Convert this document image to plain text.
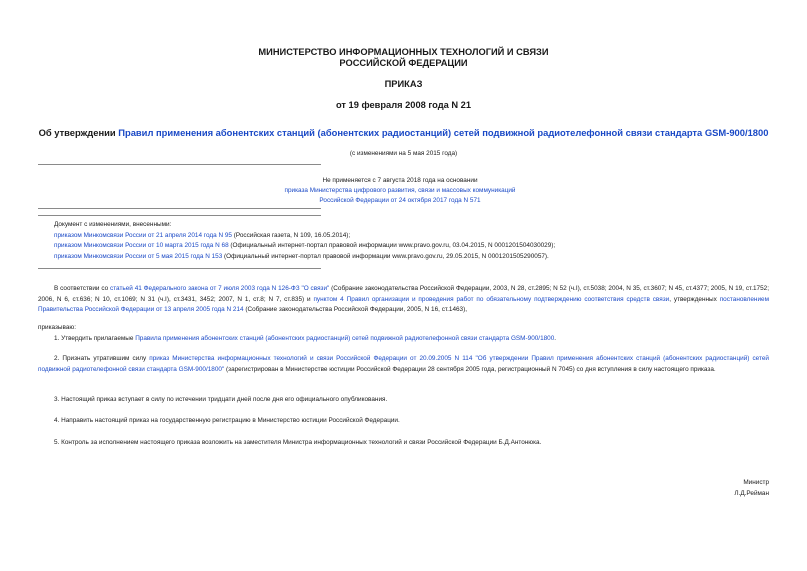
МИНИСТЕРСТВО ИНФОРМАЦИОННЫХ ТЕХНОЛОГИЙ И СВЯЗИ
РОССИЙСКОЙ ФЕДЕРАЦИИ
ПРИКАЗ
от 19 февраля 2008 года N 21
Об утверждении Правил применения абонентских станций (абонентских радиостанций) сетей подвижной радиотелефонной связи стандарта GSM-900/1800
(с изменениями на 5 мая 2015 года)
Не применяется с 7 августа 2018 года на основании
приказа Министерства цифрового развития, связи и массовых коммуникаций
Российской Федерации от 24 октября 2017 года N 571
Документ с изменениями, внесенными:
приказом Минкомсвязи России от 21 апреля 2014 года N 95 (Российская газета, N 109, 16.05.2014);
приказом Минкомсвязи России от 10 марта 2015 года N 68 (Официальный интернет-портал правовой информации www.pravo.gov.ru, 03.04.2015, N 0001201504030029);
приказом Минкомсвязи России от 5 мая 2015 года N 153 (Официальный интернет-портал правовой информации www.pravo.gov.ru, 29.05.2015, N 0001201505290057).
В соответствии со статьей 41 Федерального закона от 7 июля 2003 года N 126-ФЗ "О связи" (Собрание законодательства Российской Федерации, 2003, N 28, ст.2895; N 52 (ч.I), ст.5038; 2004, N 35, ст.3607; N 45, ст.4377; 2005, N 19, ст.1752; 2006, N 6, ст.636; N 10, ст.1069; N 31 (ч.I), ст.3431, 3452; 2007, N 1, ст.8; N 7, ст.835) и пунктом 4 Правил организации и проведения работ по обязательному подтверждению соответствия средств связи, утвержденных постановлением Правительства Российской Федерации от 13 апреля 2005 года N 214 (Собрание законодательства Российской Федерации, 2005, N 16, ст.1463),
приказываю:
1. Утвердить прилагаемые Правила применения абонентских станций (абонентских радиостанций) сетей подвижной радиотелефонной связи стандарта GSM-900/1800.
2. Признать утратившим силу приказ Министерства информационных технологий и связи Российской Федерации от 20.09.2005 N 114 "Об утверждении Правил применения абонентских станций (абонентских радиостанций) сетей подвижной радиотелефонной связи стандарта GSM-900/1800" (зарегистрирован в Министерстве юстиции Российской Федерации 28 сентября 2005 года, регистрационный N 7045) со дня вступления в силу настоящего приказа.
3. Настоящий приказ вступает в силу по истечении тридцати дней после дня его официального опубликования.
4. Направить настоящий приказ на государственную регистрацию в Министерство юстиции Российской Федерации.
5. Контроль за исполнением настоящего приказа возложить на заместителя Министра информационных технологий и связи Российской Федерации Б.Д.Антонюка.
Министр
Л.Д.Рейман
